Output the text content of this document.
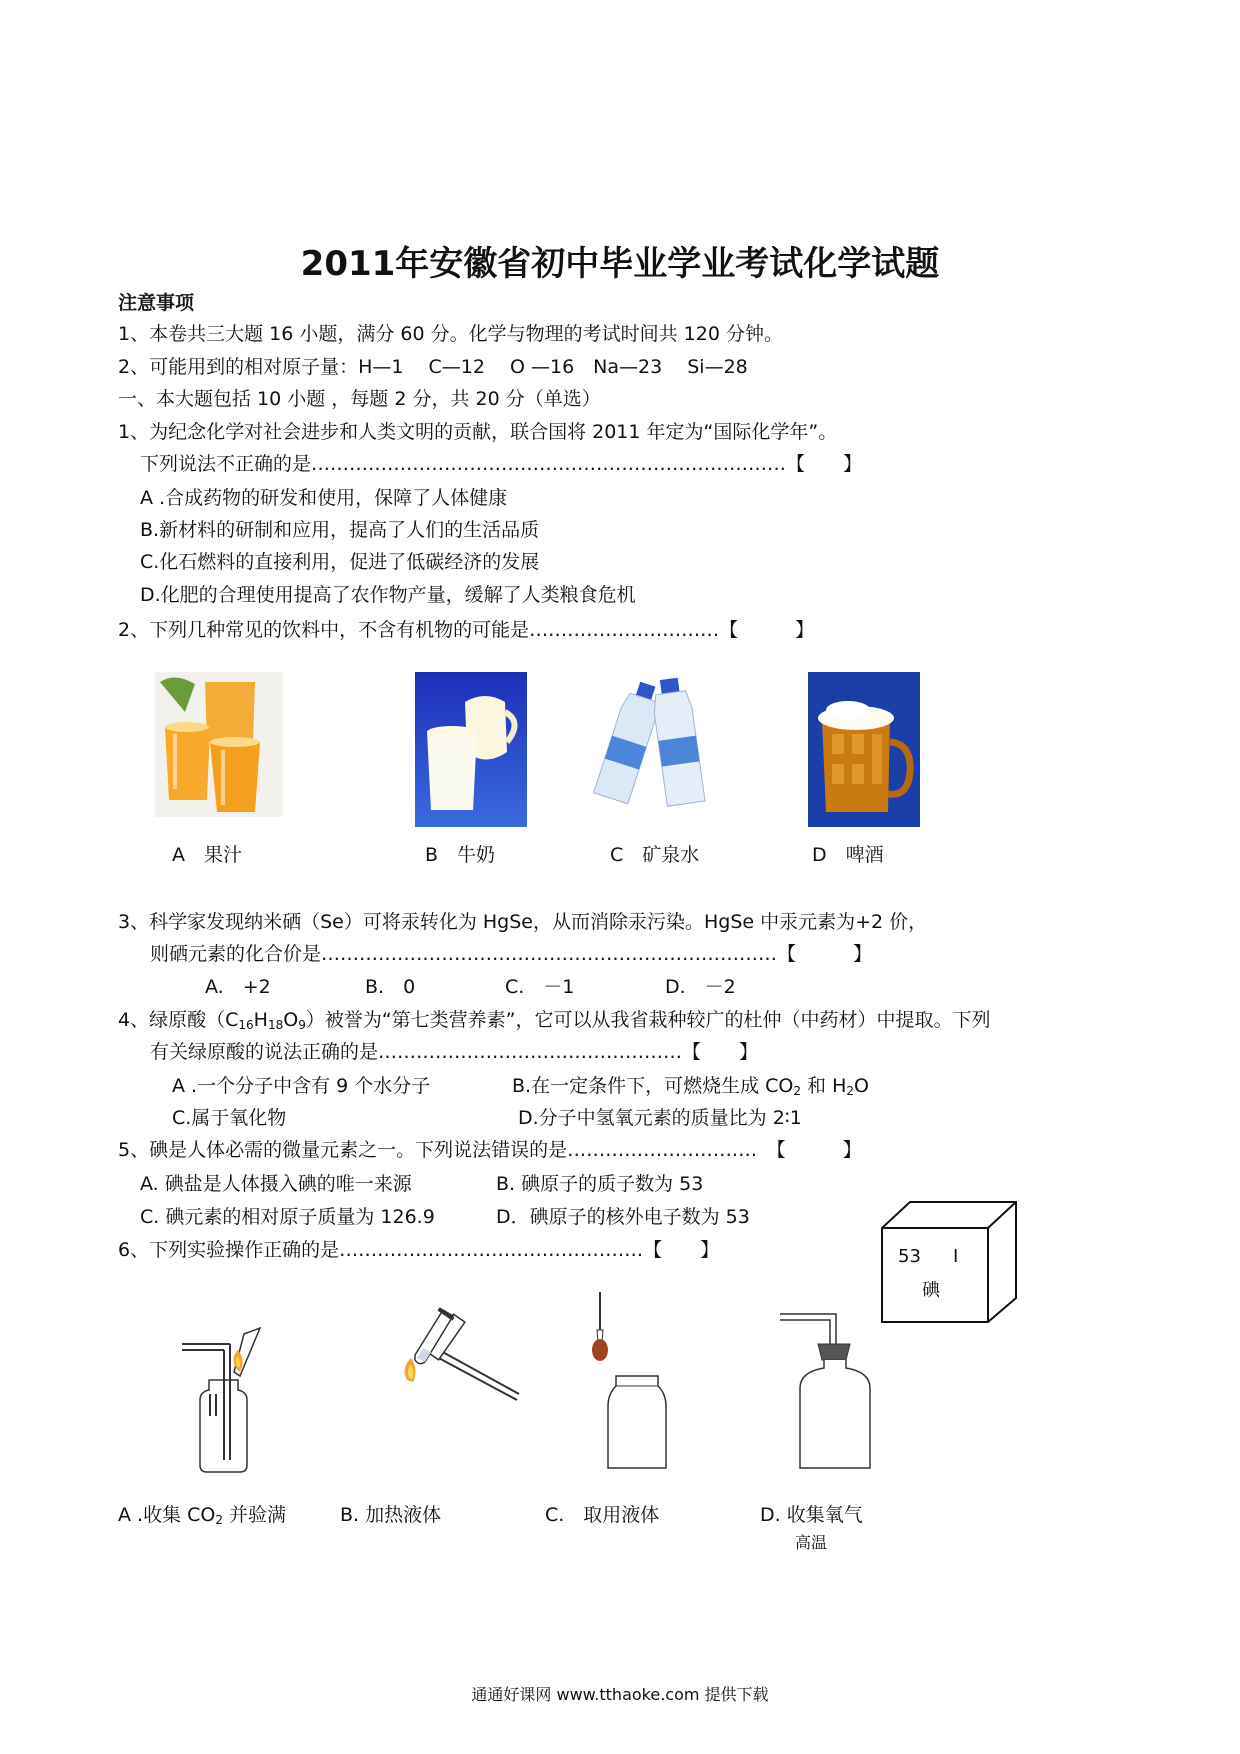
2011年安徽省初中毕业学业考试化学试题
注意事项
1、本卷共三大题 16 小题，满分 60 分。化学与物理的考试时间共 120 分钟。
2、可能用到的相对原子量：H—1　 C—12　 O —16　Na—23　 Si—28
一、本大题包括 10 小题 ，每题 2 分，共 20 分（单选）
1、为纪念化学对社会进步和人类文明的贡献，联合国将 2011 年定为“国际化学年”。
下列说法不正确的是…………………………………………………………………【　　】
A .合成药物的研发和使用，保障了人体健康
B.新材料的研制和应用，提高了人们的生活品质
C.化石燃料的直接利用，促进了低碳经济的发展
D.化肥的合理使用提高了农作物产量，缓解了人类粮食危机
2、下列几种常见的饮料中，不含有机物的可能是…………………………【　　　】
A　果汁	B　牛奶	C　矿泉水	D　啤酒
3、科学家发现纳米硒（Se）可将汞转化为 HgSe，从而消除汞污染。HgSe 中汞元素为+2 价，
则硒元素的化合价是………………………………………………………………【　　　】
A.　+2	B.　0	C.　－1	D.　－2
4、绿原酸$(C_{16}H_{18}O_9)$被誉为“第七类营养素”，它可以从我省栽种较广的杜仲（中药材）中提取。下列
有关绿原酸的说法正确的是…………………………………………【　　】
A .一个分子中含有 9 个水分子	B.在一定条件下，可燃烧生成 $CO_2$ 和 $H_2O$
C.属于氧化物	D.分子中氢氧元素的质量比为 2∶1
5、碘是人体必需的微量元素之一。下列说法错误的是…………………………　【　　　】
A. 碘盐是人体摄入碘的唯一来源	B. 碘原子的质子数为 53
C. 碘元素的相对原子质量为 126.9	D．碘原子的核外电子数为 53
53 I
碘
6、下列实验操作正确的是…………………………………………【　　】
A .收集 $CO_2$ 并验满	B. 加热液体	C.　取用液体	D. 收集氧气
高温
通通好课网 www.tthaoke.com 提供下载
